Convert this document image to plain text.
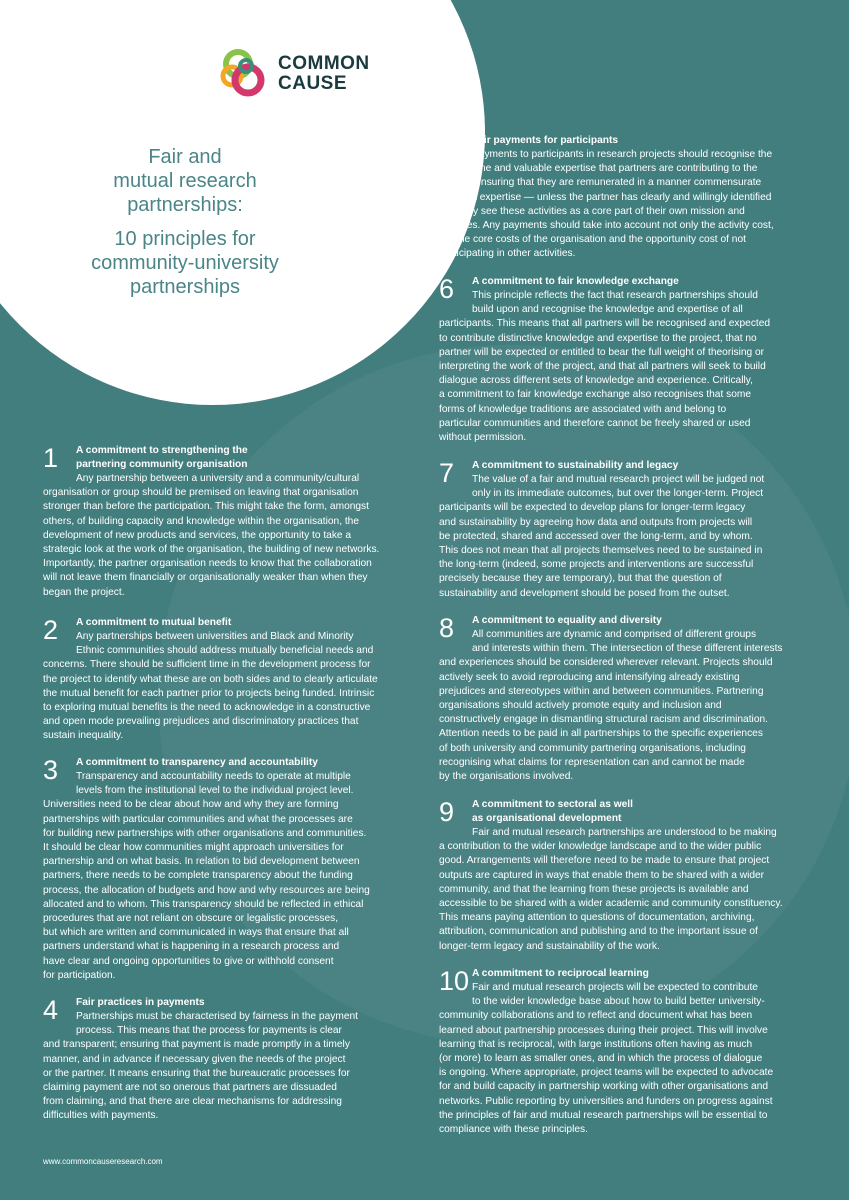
COMMON
CAUSE
Fair and
mutual research
partnerships:
10 principles for
community-university
partnerships
1 A commitment to strengthening the
partnering community organisation
Any partnership between a university and a community/cultural
organisation or group should be premised on leaving that organisation
stronger than before the participation. This might take the form, amongst
others, of building capacity and knowledge within the organisation, the
development of new products and services, the opportunity to take a
strategic look at the work of the organisation, the building of new networks.
Importantly, the partner organisation needs to know that the collaboration
will not leave them financially or organisationally weaker than when they
began the project.
2 A commitment to mutual benefit
Any partnerships between universities and Black and Minority
Ethnic communities should address mutually beneficial needs and
concerns. There should be sufficient time in the development process for
the project to identify what these are on both sides and to clearly articulate
the mutual benefit for each partner prior to projects being funded. Intrinsic
to exploring mutual benefits is the need to acknowledge in a constructive
and open mode prevailing prejudices and discriminatory practices that
sustain inequality.
3 A commitment to transparency and accountability
Transparency and accountability needs to operate at multiple
levels from the institutional level to the individual project level.
Universities need to be clear about how and why they are forming
partnerships with particular communities and what the processes are
for building new partnerships with other organisations and communities.
It should be clear how communities might approach universities for
partnership and on what basis. In relation to bid development between
partners, there needs to be complete transparency about the funding
process, the allocation of budgets and how and why resources are being
allocated and to whom. This transparency should be reflected in ethical
procedures that are not reliant on obscure or legalistic processes,
but which are written and communicated in ways that ensure that all
partners understand what is happening in a research process and
have clear and ongoing opportunities to give or withhold consent
for participation.
4 Fair practices in payments
Partnerships must be characterised by fairness in the payment
process. This means that the process for payments is clear
and transparent; ensuring that payment is made promptly in a timely
manner, and in advance if necessary given the needs of the project
or the partner. It means ensuring that the bureaucratic processes for
claiming payment are not so onerous that partners are dissuaded
from claiming, and that there are clear mechanisms for addressing
difficulties with payments.
5 Fair payments for participants
Payments to participants in research projects should recognise the
time and valuable expertise that partners are contributing to the
project, ensuring that they are remunerated in a manner commensurate
with that expertise — unless the partner has clearly and willingly identified
that they see these activities as a core part of their own mission and
priorities. Any payments should take into account not only the activity cost,
but the core costs of the organisation and the opportunity cost of not
participating in other activities.
6 A commitment to fair knowledge exchange
This principle reflects the fact that research partnerships should
build upon and recognise the knowledge and expertise of all
participants. This means that all partners will be recognised and expected
to contribute distinctive knowledge and expertise to the project, that no
partner will be expected or entitled to bear the full weight of theorising or
interpreting the work of the project, and that all partners will seek to build
dialogue across different sets of knowledge and experience. Critically,
a commitment to fair knowledge exchange also recognises that some
forms of knowledge traditions are associated with and belong to
particular communities and therefore cannot be freely shared or used
without permission.
7 A commitment to sustainability and legacy
The value of a fair and mutual research project will be judged not
only in its immediate outcomes, but over the longer-term. Project
participants will be expected to develop plans for longer-term legacy
and sustainability by agreeing how data and outputs from projects will
be protected, shared and accessed over the long-term, and by whom.
This does not mean that all projects themselves need to be sustained in
the long-term (indeed, some projects and interventions are successful
precisely because they are temporary), but that the question of
sustainability and development should be posed from the outset.
8 A commitment to equality and diversity
All communities are dynamic and comprised of different groups
and interests within them. The intersection of these different interests
and experiences should be considered wherever relevant. Projects should
actively seek to avoid reproducing and intensifying already existing
prejudices and stereotypes within and between communities. Partnering
organisations should actively promote equity and inclusion and
constructively engage in dismantling structural racism and discrimination.
Attention needs to be paid in all partnerships to the specific experiences
of both university and community partnering organisations, including
recognising what claims for representation can and cannot be made
by the organisations involved.
9 A commitment to sectoral as well
as organisational development
Fair and mutual research partnerships are understood to be making
a contribution to the wider knowledge landscape and to the wider public
good. Arrangements will therefore need to be made to ensure that project
outputs are captured in ways that enable them to be shared with a wider
community, and that the learning from these projects is available and
accessible to be shared with a wider academic and community constituency.
This means paying attention to questions of documentation, archiving,
attribution, communication and publishing and to the important issue of
longer-term legacy and sustainability of the work.
10 A commitment to reciprocal learning
Fair and mutual research projects will be expected to contribute
to the wider knowledge base about how to build better university-
community collaborations and to reflect and document what has been
learned about partnership processes during their project. This will involve
learning that is reciprocal, with large institutions often having as much
(or more) to learn as smaller ones, and in which the process of dialogue
is ongoing. Where appropriate, project teams will be expected to advocate
for and build capacity in partnership working with other organisations and
networks. Public reporting by universities and funders on progress against
the principles of fair and mutual research partnerships will be essential to
compliance with these principles.
www.commoncauseresearch.com
